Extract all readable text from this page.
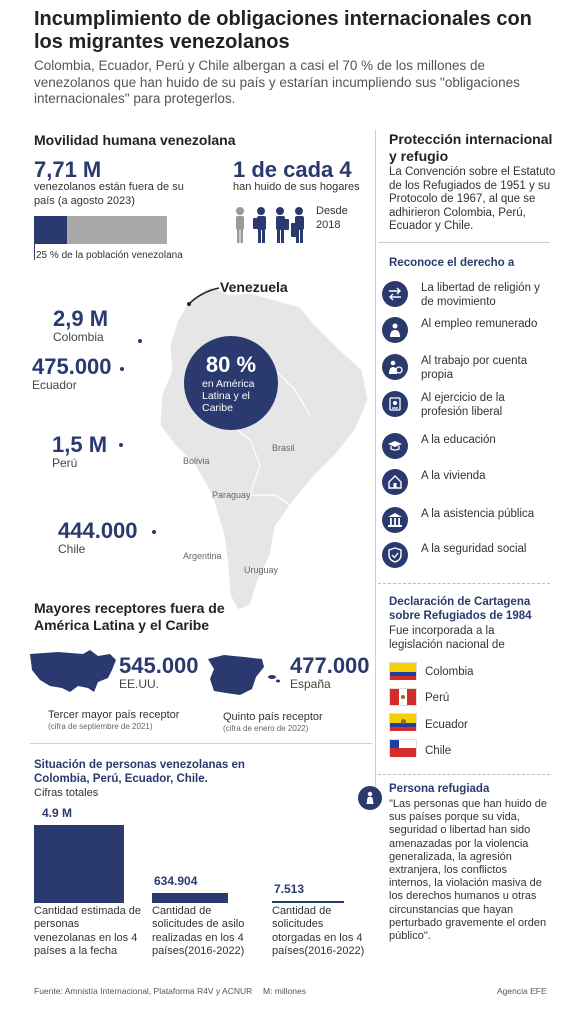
Incumplimiento de obligaciones internacionales con los migrantes venezolanos
Colombia, Ecuador, Perú y Chile albergan a casi el 70 % de los millones de venezolanos que han huido de su país y estarían incumpliendo sus "obligaciones internacionales" para protegerlos.
Movilidad humana venezolana
7,71 M
venezolanos están fuera de su país (a agosto 2023)
25 % de la población venezolana
1 de cada 4
han huido de sus hogares
Desde 2018
Venezuela
80 %
en América Latina y el Caribe
2,9 M
Colombia
475.000
Ecuador
1,5 M
Perú
444.000
Chile
Brasil
Bolivia
Paraguay
Argentina
Uruguay
Mayores receptores fuera de América Latina y el Caribe
545.000
EE.UU.
Tercer mayor país receptor
(cifra de septiembre de 2021)
477.000
España
Quinto país receptor
(cifra de enero de 2022)
Situación de personas venezolanas en Colombia, Perú, Ecuador, Chile.
Cifras totales
4.9 M
Cantidad estimada de personas venezolanas en los 4 países a la fecha
634.904
Cantidad de solicitudes de asilo realizadas en los 4 países(2016-2022)
7.513
Cantidad de solicitudes otorgadas en los 4 países(2016-2022)
Protección internacional y refugio
La Convención sobre el Estatuto de los Refugiados de 1951 y su Protocolo de 1967, al que se adhirieron Colombia, Perú, Ecuador y Chile.
Reconoce el derecho a
La libertad de religión y de movimiento
Al empleo remunerado
Al trabajo por cuenta propia
Al ejercicio de la profesión liberal
A la educación
A la vivienda
A la asistencia pública
A la seguridad social
Declaración de Cartagena sobre Refugiados de 1984
Fue incorporada a la legislación nacional de
Colombia
Perú
Ecuador
Chile
Persona refugiada
"Las personas que han huido de sus países porque su vida, seguridad o libertad han sido amenazadas por la violencia generalizada, la agresión extranjera, los conflictos internos, la violación masiva de los derechos humanos u otras circunstancias que hayan perturbado gravemente el orden público".
Fuente: Amnistía Internacional, Plataforma R4V y ACNUR M: millones	Agencia EFE
